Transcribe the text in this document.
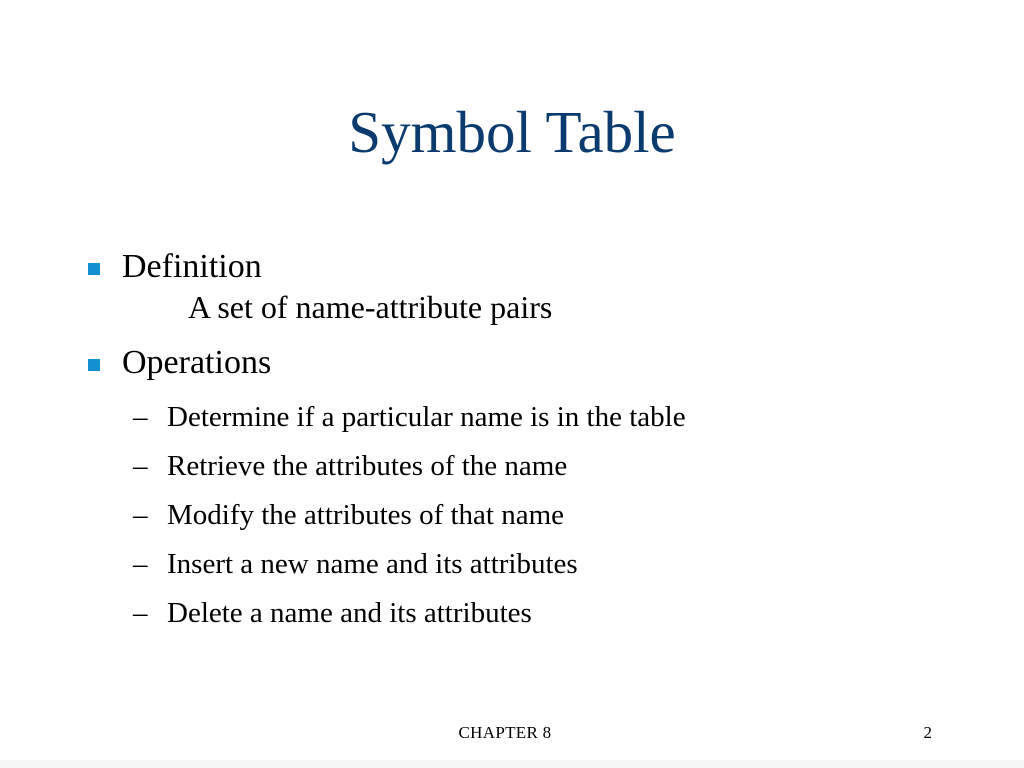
Symbol Table
Definition
A set of name-attribute pairs
Operations
– Determine if a particular name is in the table
– Retrieve the attributes of the name
– Modify the attributes of that name
– Insert a new name and its attributes
– Delete a name and its attributes
CHAPTER 8	2
